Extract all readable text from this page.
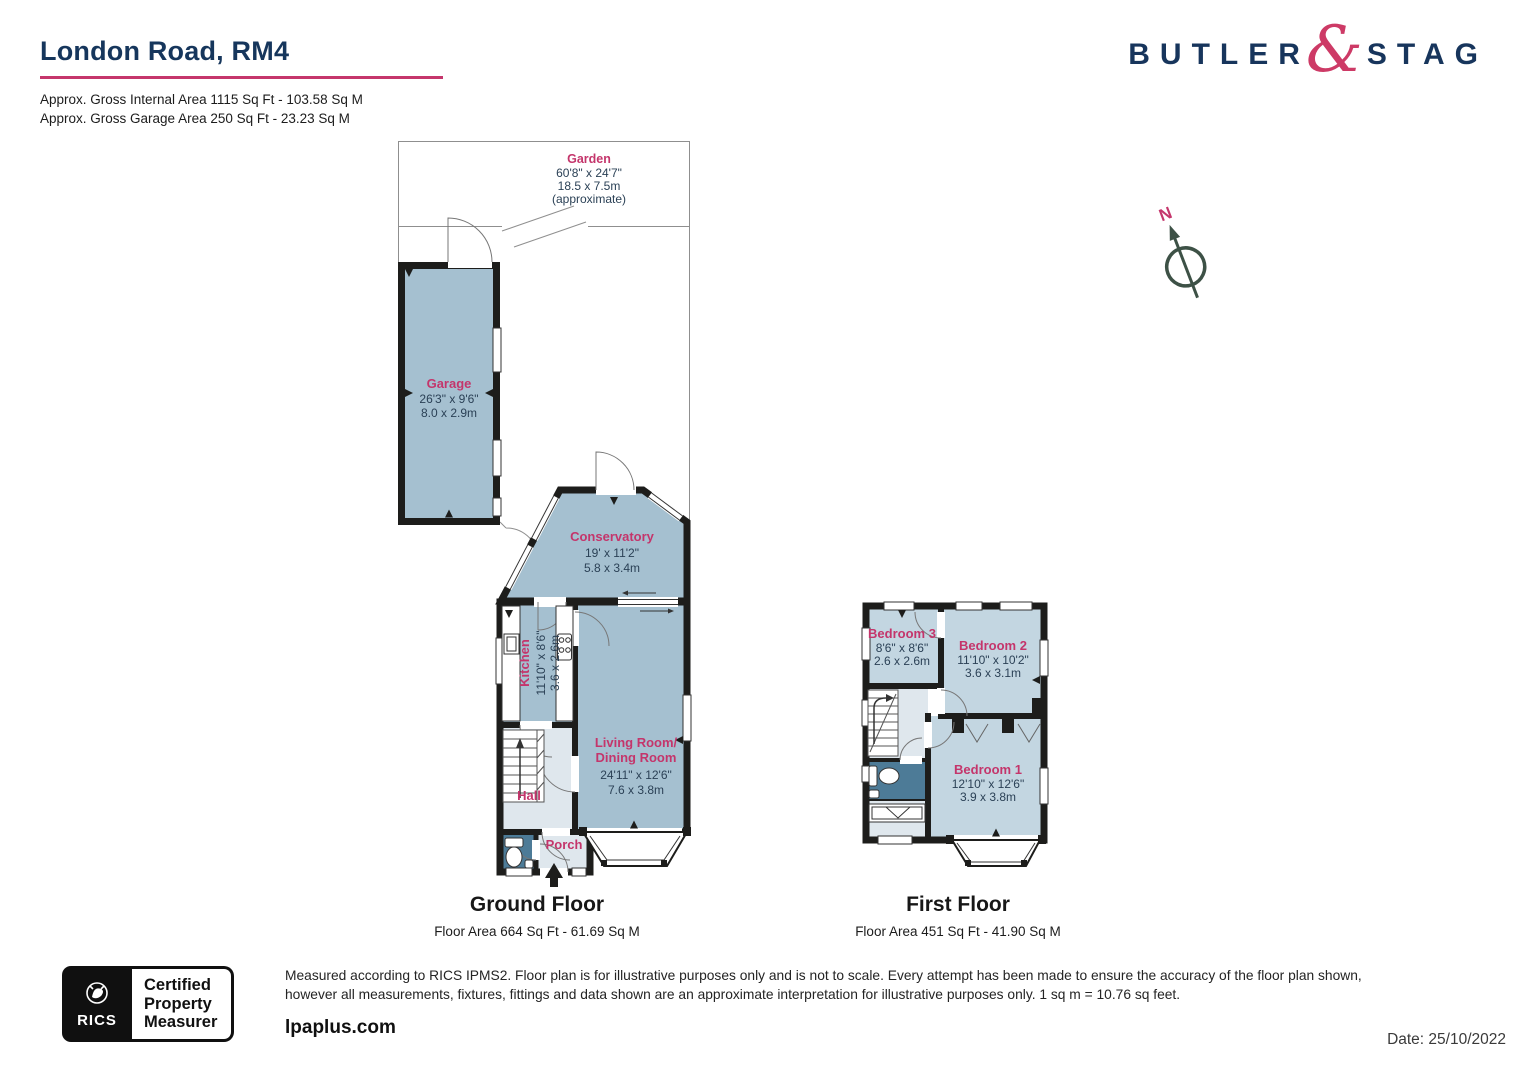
London Road, RM4

Approx. Gross Internal Area 1115 Sq Ft - 103.58 Sq M

Approx. Gross Garage Area 250 Sq Ft - 23.23 Sq M

BUTLER
& STAG
N
Garden
60'8" x 24'7"
18.5 x 7.5m
(approximate)
Garage
26'3" x 9'6"
8.0 x 2.9m
Conservatory
19' x 11'2"
5.8 x 3.4m
Kitchen 11'10" x 8'6" 3.6 x 2.6m
Living Room/
Dining Room
24'11" x 12'6"
7.6 x 3.8m
Hall
Porch
Bedroom 3
8'6" x 8'6"
2.6 x 2.6m
Bedroom 2
11'10" x 10'2"
3.6 x 3.1m
Bedroom 1
12'10" x 12'6"
3.9 x 3.8m
Ground Floor
Floor Area 664 Sq Ft - 61.69 Sq M
First Floor
Floor Area 451 Sq Ft - 41.90 Sq M
RICS
Certified
Property
Measurer

Measured according to RICS IPMS2. Floor plan is for illustrative purposes only and is not to scale. Every attempt has been made to ensure the accuracy of the floor plan shown,

however all measurements, fixtures, fittings and data shown are an approximate interpretation for illustrative purposes only. 1 sq m = 10.76 sq feet.

lpaplus.com
Date: 25/10/2022
